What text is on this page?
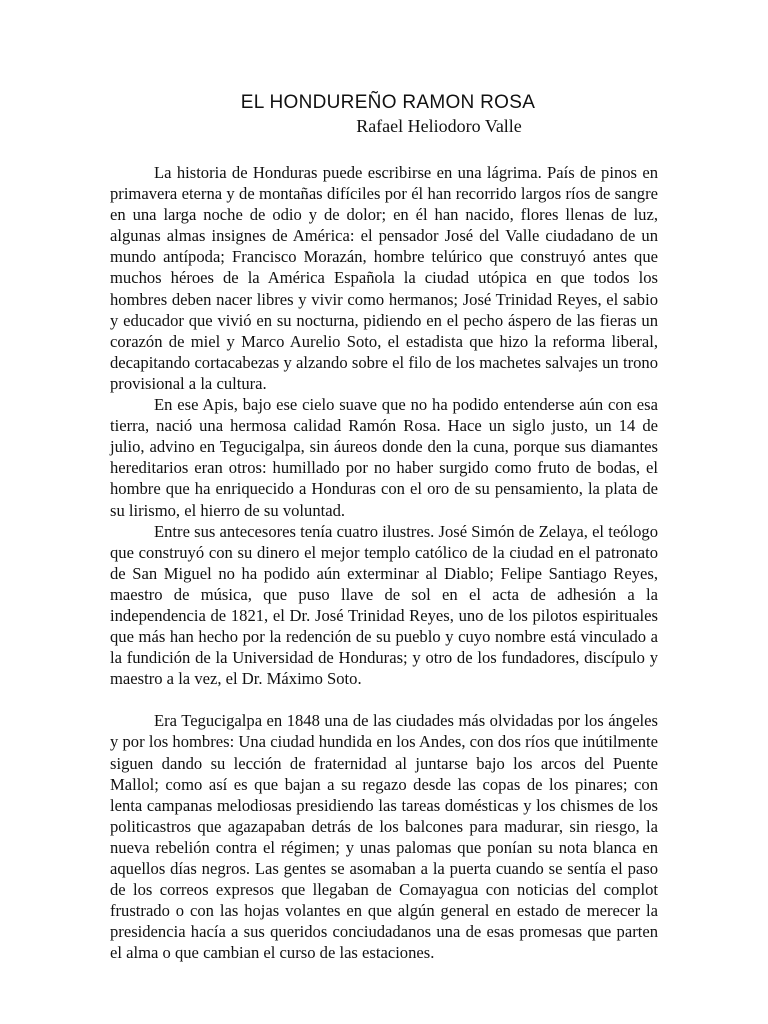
EL HONDUREÑO RAMON ROSA
Rafael Heliodoro Valle

La historia de Honduras puede escribirse en una lágrima. País de pinos en primavera eterna y de montañas difíciles por él han recorrido largos ríos de sangre en una larga noche de odio y de dolor; en él han nacido, flores llenas de luz, algunas almas insignes de América: el pensador José del Valle ciudadano de un mundo antípoda; Francisco Morazán, hombre telúrico que construyó antes que muchos héroes de la América Española la ciudad utópica en que todos los hombres deben nacer libres y vivir como hermanos; José Trinidad Reyes, el sabio y educador que vivió en su nocturna, pidiendo en el pecho áspero de las fieras un corazón de miel y Marco Aurelio Soto, el estadista que hizo la reforma liberal, decapitando cortacabezas y alzando sobre el filo de los machetes salvajes un trono provisional a la cultura.

En ese Apis, bajo ese cielo suave que no ha podido entenderse aún con esa tierra, nació una hermosa calidad Ramón Rosa. Hace un siglo justo, un 14 de julio, advino en Tegucigalpa, sin áureos donde den la cuna, porque sus diamantes hereditarios eran otros: humillado por no haber surgido como fruto de bodas, el hombre que ha enriquecido a Honduras con el oro de su pensamiento, la plata de su lirismo, el hierro de su voluntad.

Entre sus antecesores tenía cuatro ilustres. José Simón de Zelaya, el teólogo que construyó con su dinero el mejor templo católico de la ciudad en el patronato de San Miguel no ha podido aún exterminar al Diablo; Felipe Santiago Reyes, maestro de música, que puso llave de sol en el acta de adhesión a la independencia de 1821, el Dr. José Trinidad Reyes, uno de los pilotos espirituales que más han hecho por la redención de su pueblo y cuyo nombre está vinculado a la fundición de la Universidad de Honduras; y otro de los fundadores, discípulo y maestro a la vez, el Dr. Máximo Soto.

Era Tegucigalpa en 1848 una de las ciudades más olvidadas por los ángeles y por los hombres: Una ciudad hundida en los Andes, con dos ríos que inútilmente siguen dando su lección de fraternidad al juntarse bajo los arcos del Puente Mallol; como así es que bajan a su regazo desde las copas de los pinares; con lenta campanas melodiosas presidiendo las tareas domésticas y los chismes de los politicastros que agazapaban detrás de los balcones para madurar, sin riesgo, la nueva rebelión contra el régimen; y unas palomas que ponían su nota blanca en aquellos días negros. Las gentes se asomaban a la puerta cuando se sentía el paso de los correos expresos que llegaban de Comayagua con noticias del complot frustrado o con las hojas volantes en que algún general en estado de merecer la presidencia hacía a sus queridos conciudadanos una de esas promesas que parten el alma o que cambian el curso de las estaciones.
